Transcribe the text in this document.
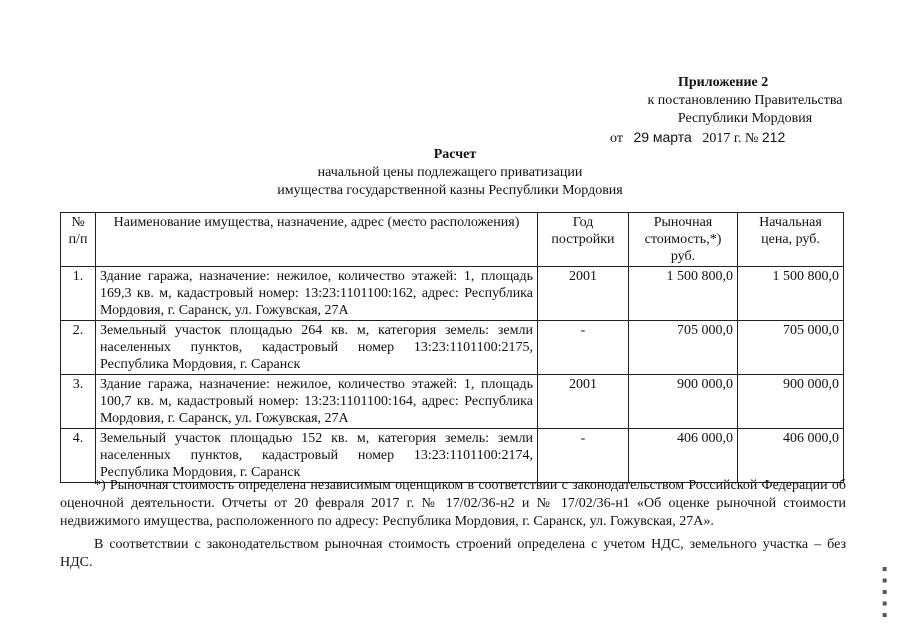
Приложение 2
к постановлению Правительства
Республики Мордовия
от 29 марта 2017 г. № 212
Расчет
начальной цены подлежащего приватизации
имущества государственной казны Республики Мордовия
№ п/п	Наименование имущества, назначение, адрес (место расположения)	Год постройки	Рыночная стоимость,*) руб.	Начальная цена, руб.
1.	Здание гаража, назначение: нежилое, количество этажей: 1, площадь 169,3 кв. м, кадастровый номер: 13:23:1101100:162, адрес: Республика Мордовия, г. Саранск, ул. Гожувская, 27А	2001	1 500 800,0	1 500 800,0
2.	Земельный участок площадью 264 кв. м, категория земель: земли населенных пунктов, кадастровый номер 13:23:1101100:2175, Республика Мордовия, г. Саранск	-	705 000,0	705 000,0
3.	Здание гаража, назначение: нежилое, количество этажей: 1, площадь 100,7 кв. м, кадастровый номер: 13:23:1101100:164, адрес: Республика Мордовия, г. Саранск, ул. Гожувская, 27А	2001	900 000,0	900 000,0
4.	Земельный участок площадью 152 кв. м, категория земель: земли населенных пунктов, кадастровый номер 13:23:1101100:2174, Республика Мордовия, г. Саранск	-	406 000,0	406 000,0

*) Рыночная стоимость определена независимым оценщиком в соответствии с законодательством Российской Федерации об оценочной деятельности. Отчеты от 20 февраля 2017 г. № 17/02/36-н2 и № 17/02/36-н1 «Об оценке рыночной стоимости недвижимого имущества, расположенного по адресу: Республика Мордовия, г. Саранск, ул. Гожувская, 27А».

В соответствии с законодательством рыночная стоимость строений определена с учетом НДС, земельного участка – без НДС.

▪ ▪ ▪ ▪ ▪
